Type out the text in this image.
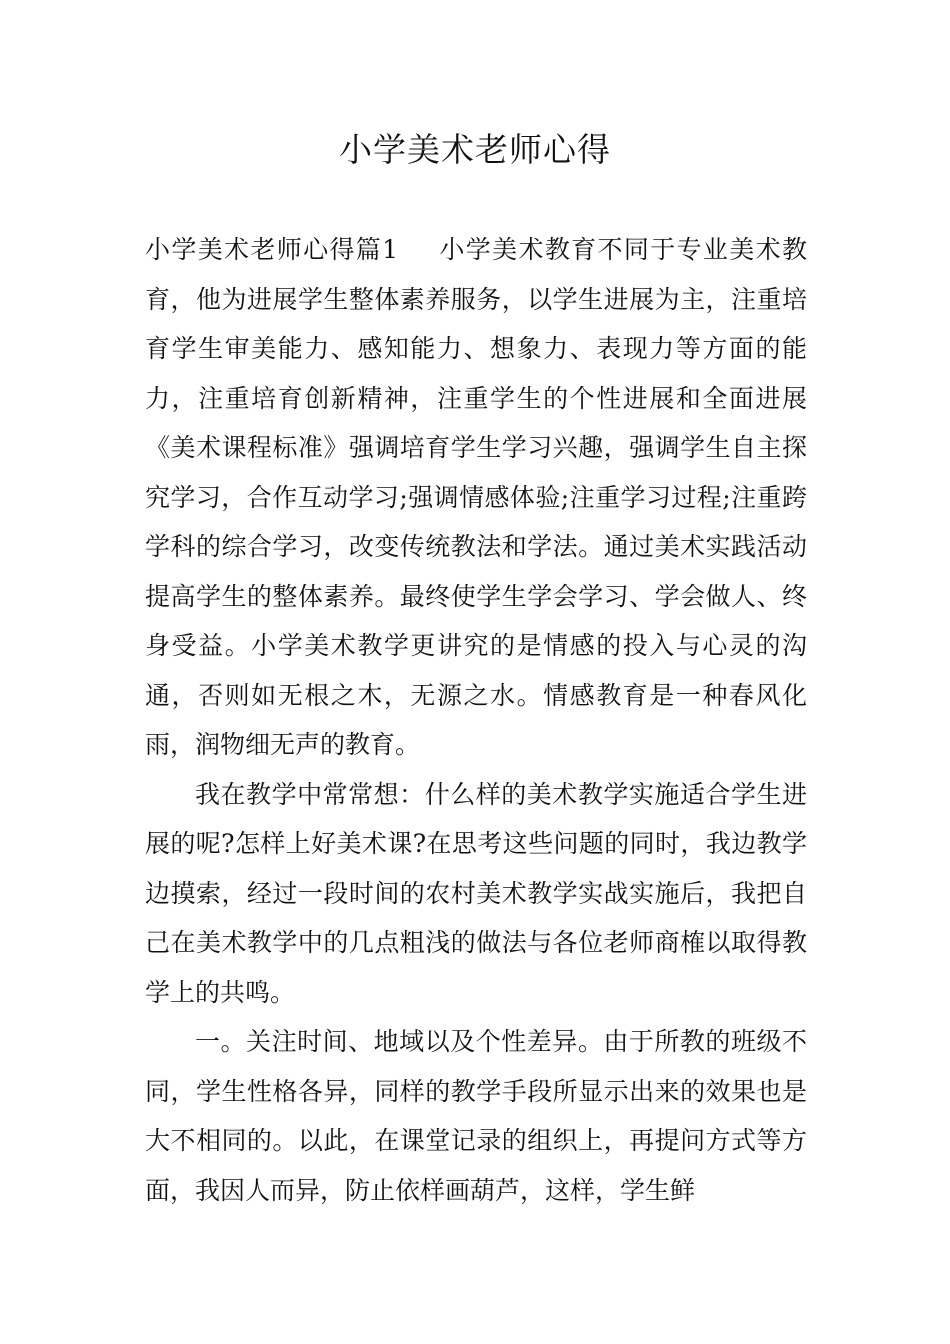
小学美术老师心得

小学美术老师心得篇1 小学美术教育不同于专业美术教育，他为进展学生整体素养服务，以学生进展为主，注重培育学生审美能力、感知能力、想象力、表现力等方面的能力，注重培育创新精神，注重学生的个性进展和全面进展《美术课程标准》强调培育学生学习兴趣，强调学生自主探究学习，合作互动学习;强调情感体验;注重学习过程;注重跨学科的综合学习，改变传统教法和学法。通过美术实践活动提高学生的整体素养。最终使学生学会学习、学会做人、终身受益。小学美术教学更讲究的是情感的投入与心灵的沟通，否则如无根之木，无源之水。情感教育是一种春风化雨，润物细无声的教育。

我在教学中常常想：什么样的美术教学实施适合学生进展的呢?怎样上好美术课?在思考这些问题的同时，我边教学边摸索，经过一段时间的农村美术教学实战实施后，我把自己在美术教学中的几点粗浅的做法与各位老师商榷以取得教学上的共鸣。

一。关注时间、地域以及个性差异。由于所教的班级不同，学生性格各异，同样的教学手段所显示出来的效果也是大不相同的。以此，在课堂记录的组织上，再提问方式等方面，我因人而异，防止依样画葫芦，这样，学生鲜
